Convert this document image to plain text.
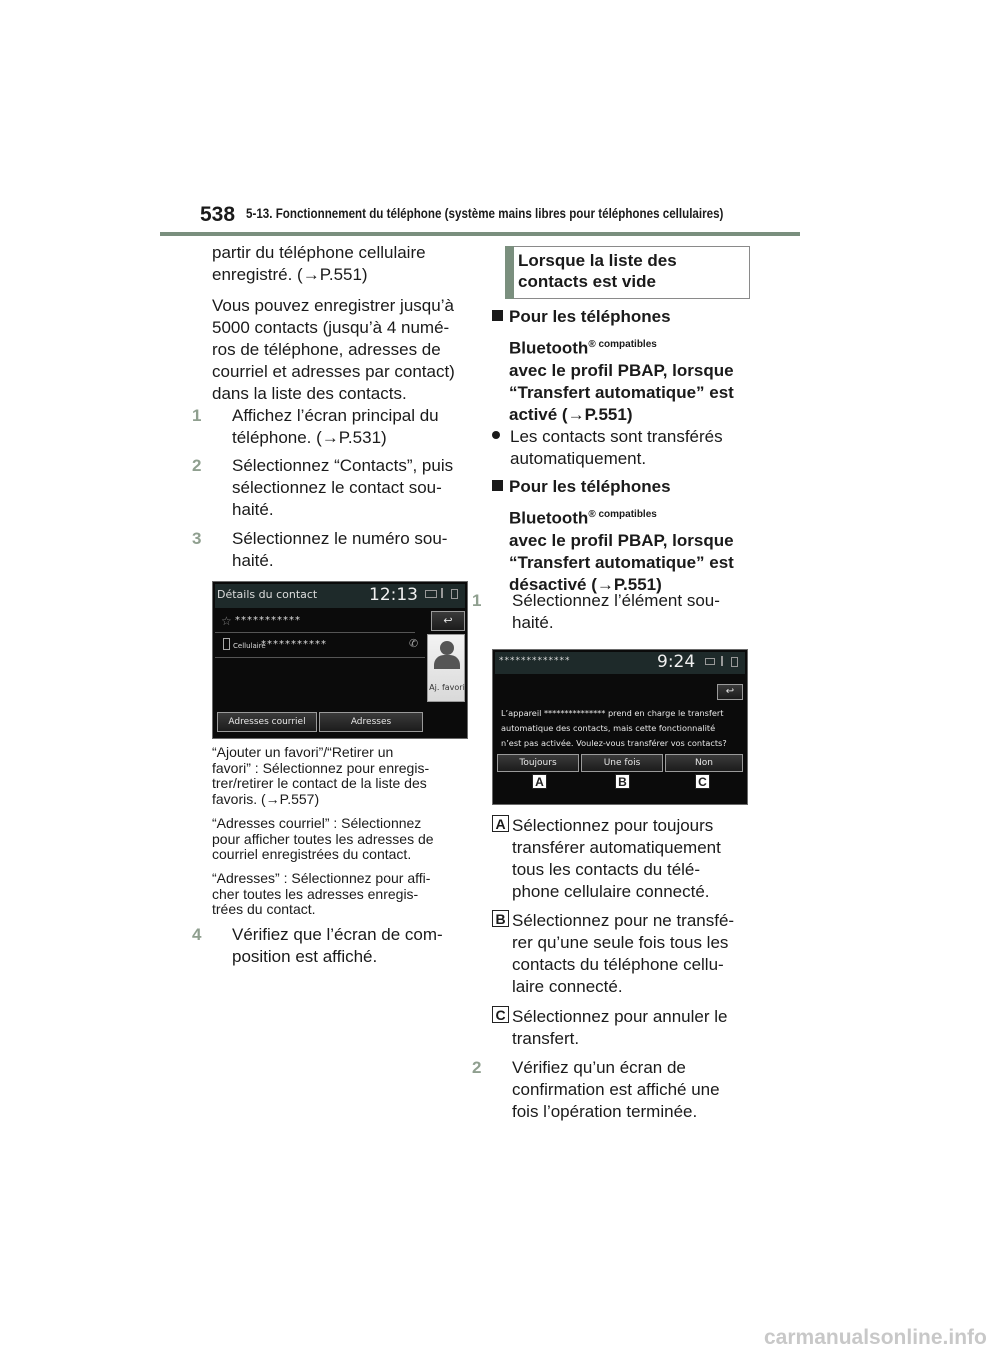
538 5-13. Fonctionnement du téléphone (système mains libres pour téléphones cellulaires)
partir du téléphone cellulaire
enregistré. (→P.551)
Vous pouvez enregistrer jusqu’à
5000 contacts (jusqu’à 4 numé-
ros de téléphone, adresses de
courriel et adresses par contact)
dans la liste des contacts.
1 Affichez l’écran principal du
téléphone. (→P.531)
2 Sélectionnez “Contacts”, puis
sélectionnez le contact sou-
haité.
3 Sélectionnez le numéro sou-
haité.
Détails du contact	12:13
☆ ***********	↩
Cellulaire
***********	✆
Aj. favori
Adresses courriel	Adresses
“Ajouter un favori”/“Retirer un
favori” : Sélectionnez pour enregis-
trer/retirer le contact de la liste des
favoris. (→P.557)
“Adresses courriel” : Sélectionnez
pour afficher toutes les adresses de
courriel enregistrées du contact.
“Adresses” : Sélectionnez pour affi-
cher toutes les adresses enregis-
trées du contact.
4 Vérifiez que l’écran de com-
position est affiché.
Lorsque la liste des
contacts est vide
Pour les téléphones
Bluetooth$^{® compatibles}$
avec le profil PBAP, lorsque
“Transfert automatique” est
activé (→P.551)
Les contacts sont transférés
automatiquement.
Pour les téléphones
Bluetooth$^{® compatibles}$
avec le profil PBAP, lorsque
“Transfert automatique” est
désactivé (→P.551)
1 Sélectionnez l’élément sou-
haité.
*************	9:24
↩
L’appareil *************** prend en charge le transfert
automatique des contacts, mais cette fonctionnalité
n’est pas activée. Voulez-vous transférer vos contacts?
Toujours	Une fois	Non
A	B	C
A Sélectionnez pour toujours
transférer automatiquement
tous les contacts du télé-
phone cellulaire connecté.
B Sélectionnez pour ne transfé-
rer qu’une seule fois tous les
contacts du téléphone cellu-
laire connecté.
C Sélectionnez pour annuler le
transfert.
2 Vérifiez qu’un écran de
confirmation est affiché une
fois l’opération terminée.
carmanualsonline.info
